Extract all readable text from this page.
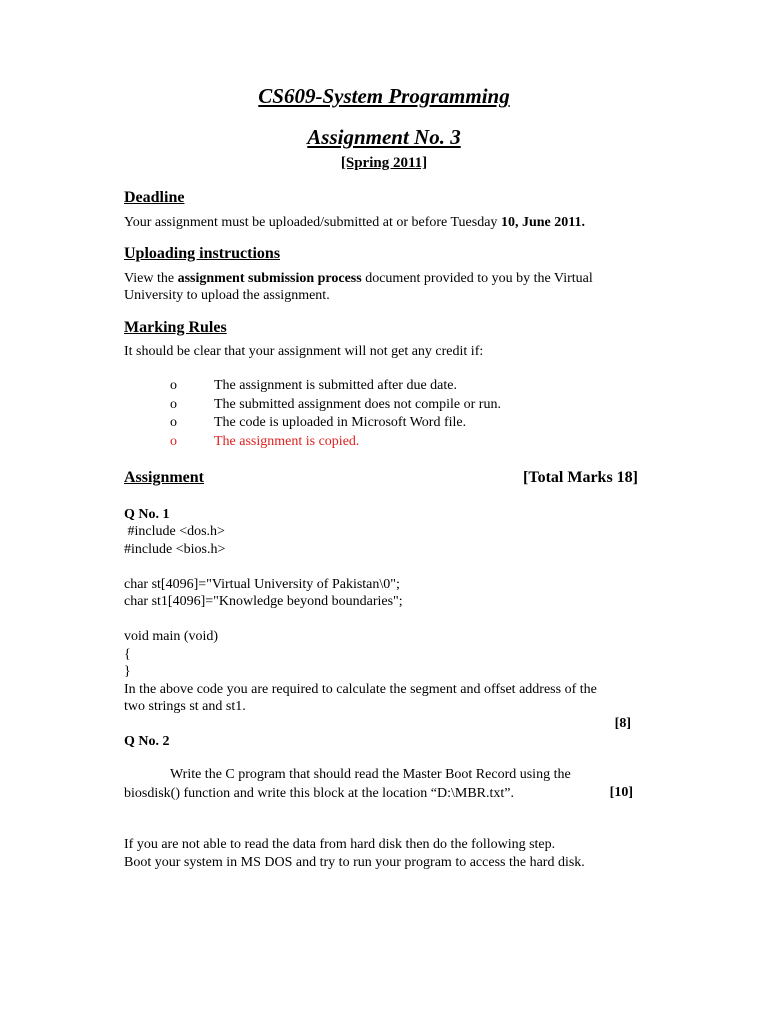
CS609-System Programming
Assignment No. 3
[Spring 2011]
Deadline
Your assignment must be uploaded/submitted at or before Tuesday 10, June 2011.
Uploading instructions
View the assignment submission process document provided to you by the Virtual
University to upload the assignment.
Marking Rules
It should be clear that your assignment will not get any credit if:
o	The assignment is submitted after due date.
o	The submitted assignment does not compile or run.
o	The code is uploaded in Microsoft Word file.
o	The assignment is copied.
Assignment	[Total Marks 18]
Q No. 1
#include <dos.h>
#include <bios.h>
char st[4096]="Virtual University of Pakistan\0";
char st1[4096]="Knowledge beyond boundaries";
void main (void)
{
}
In the above code you are required to calculate the segment and offset address of the
two strings st and st1.
[8]
Q No. 2
Write the C program that should read the Master Boot Record using the
biosdisk() function and write this block at the location “D:\MBR.txt”.	[10]
If you are not able to read the data from hard disk then do the following step.
Boot your system in MS DOS and try to run your program to access the hard disk.
